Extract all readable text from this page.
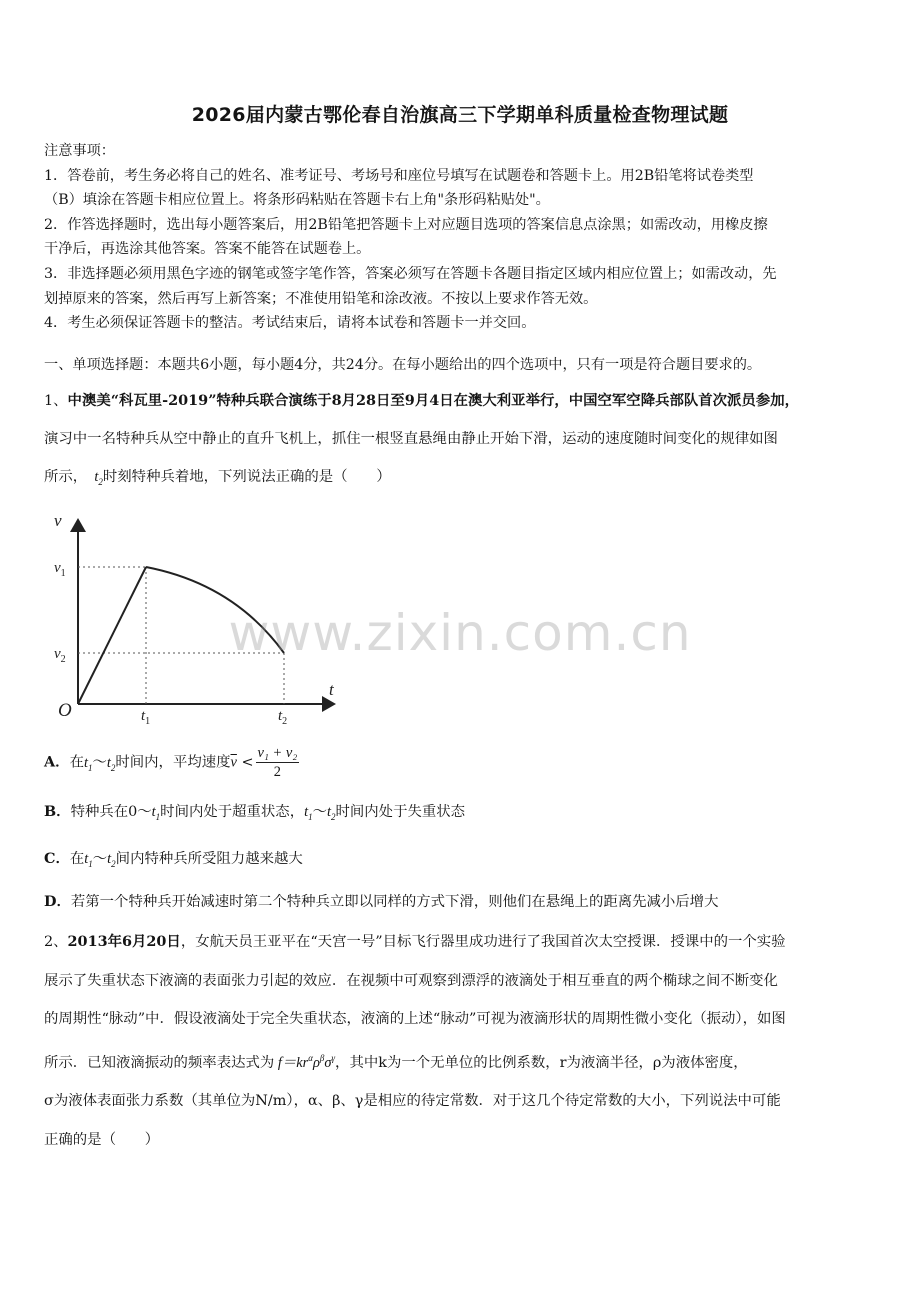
2026届内蒙古鄂伦春自治旗高三下学期单科质量检查物理试题

注意事项：

1．答卷前，考生务必将自己的姓名、准考证号、考场号和座位号填写在试题卷和答题卡上。用2B铅笔将试卷类型

（B）填涂在答题卡相应位置上。将条形码粘贴在答题卡右上角"条形码粘贴处"。

2．作答选择题时，选出每小题答案后，用2B铅笔把答题卡上对应题目选项的答案信息点涂黑；如需改动，用橡皮擦

干净后，再选涂其他答案。答案不能答在试题卷上。

3．非选择题必须用黑色字迹的钢笔或签字笔作答，答案必须写在答题卡各题目指定区域内相应位置上；如需改动，先

划掉原来的答案，然后再写上新答案；不准使用铅笔和涂改液。不按以上要求作答无效。

4．考生必须保证答题卡的整洁。考试结束后，请将本试卷和答题卡一并交回。

一、单项选择题：本题共6小题，每小题4分，共24分。在每小题给出的四个选项中，只有一项是符合题目要求的。

1、中澳美“科瓦里-2019”特种兵联合演练于8月28日至9月4日在澳大利亚举行，中国空军空降兵部队首次派员参加，

演习中一名特种兵从空中静止的直升飞机上，抓住一根竖直悬绳由静止开始下滑，运动的速度随时间变化的规律如图

所示，　 $t_2$时刻特种兵着地，下列说法正确的是（　　）

v
t
O
$v_1$
$v_2$
$t_1$	$t_2$
www.zixin.com.cn
A．在$t_1\sim t_2$时间内，平均速度$\overline{v} < \frac{\text{v₁ + v₂}}{2}$
B．特种兵在$0\sim t_1$时间内处于超重状态，$t_1\sim t_2$时间内处于失重状态
C．在$t_1\sim t_2$间内特种兵所受阻力越来越大
D．若第一个特种兵开始减速时第二个特种兵立即以同样的方式下滑，则他们在悬绳上的距离先减小后增大

2、2013年6月20日，女航天员王亚平在“天宫一号”目标飞行器里成功进行了我国首次太空授课．授课中的一个实验

展示了失重状态下液滴的表面张力引起的效应．在视频中可观察到漂浮的液滴处于相互垂直的两个椭球之间不断变化

的周期性“脉动”中．假设液滴处于完全失重状态，液滴的上述“脉动”可视为液滴形状的周期性微小变化（振动），如图

所示．已知液滴振动的频率表达式为 $f=kr^\alpha\rho^\beta\sigma^\gamma$，其中k为一个无单位的比例系数，r为液滴半径，ρ为液体密度，

σ为液体表面张力系数（其单位为N/m），α、β、γ是相应的待定常数．对于这几个待定常数的大小，下列说法中可能

正确的是（　　）
